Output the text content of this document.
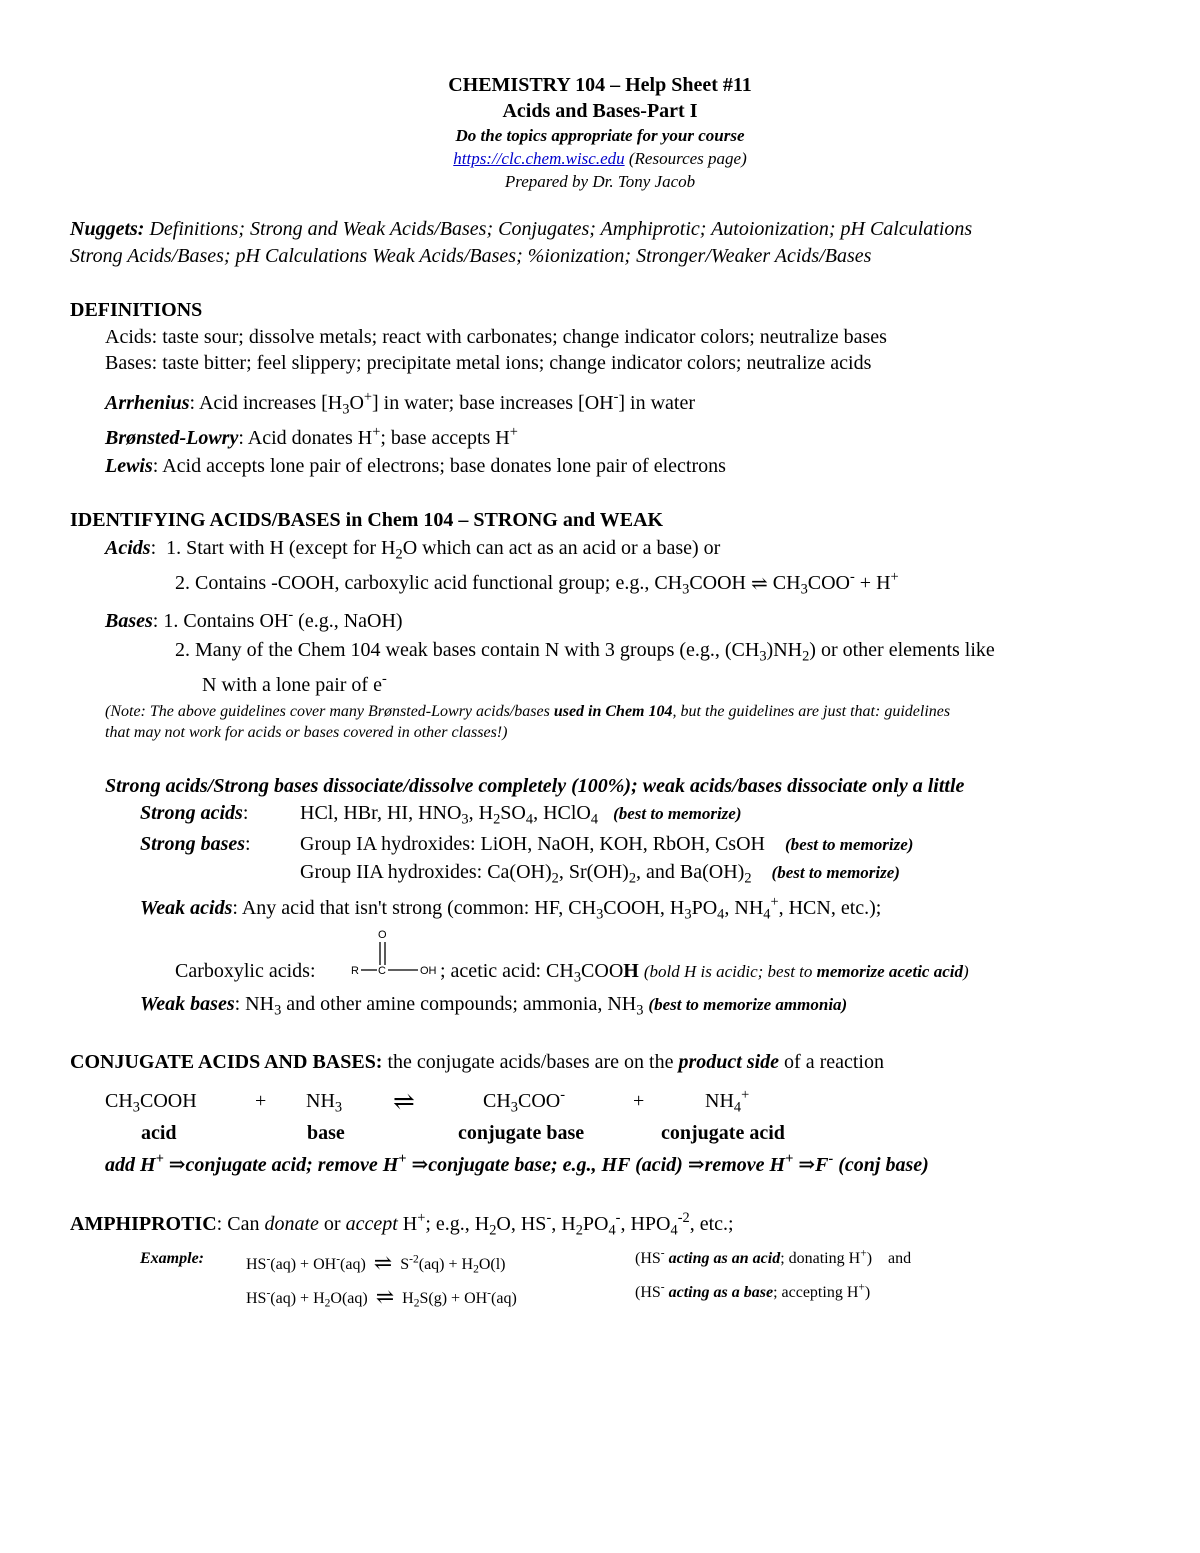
CHEMISTRY 104 – Help Sheet #11
Acids and Bases-Part I
Do the topics appropriate for your course
https://clc.chem.wisc.edu (Resources page)
Prepared by Dr. Tony Jacob
Nuggets: Definitions; Strong and Weak Acids/Bases; Conjugates; Amphiprotic; Autoionization; pH Calculations
Strong Acids/Bases; pH Calculations Weak Acids/Bases; %ionization; Stronger/Weaker Acids/Bases
DEFINITIONS
Acids: taste sour; dissolve metals; react with carbonates; change indicator colors; neutralize bases
Bases: taste bitter; feel slippery; precipitate metal ions; change indicator colors; neutralize acids
Arrhenius: Acid increases $[H_3O^+]$ in water; base increases [OH-] in water
Brønsted-Lowry: Acid donates H+; base accepts H+
Lewis: Acid accepts lone pair of electrons; base donates lone pair of electrons
IDENTIFYING ACIDS/BASES in Chem 104 – STRONG and WEAK
Acids:  1. Start with H (except for $H_2O$ which can act as an acid or a base) or
2. Contains -COOH, carboxylic acid functional group; e.g., $CH_3COOH$ ⇌ $CH_3COO^- + H^+$
Bases: 1. Contains OH- (e.g., NaOH)
2. Many of the Chem 104 weak bases contain N with 3 groups (e.g., $(CH_3)NH_2$) or other elements like
N with a lone pair of e-
(Note: The above guidelines cover many Brønsted-Lowry acids/bases used in Chem 104, but the guidelines are just that: guidelines
that may not work for acids or bases covered in other classes!)
Strong acids/Strong bases dissociate/dissolve completely (100%); weak acids/bases dissociate only a little
Strong acids:	HCl, HBr, HI, $HNO_3$, $H_2SO_4$, HClO$_4$ (best to memorize)
Strong bases: Group IA hydroxides: LiOH, NaOH, KOH, RbOH, CsOH    (best to memorize)
Group IIA hydroxides: $Ca(OH)_2$, $Sr(OH)_2$, and $Ba(OH)_2$ (best to memorize)
Weak acids: Any acid that isn't strong (common: HF, $CH_3COOH$, $H_3PO_4$, $NH_4^+$, HCN, etc.);
Carboxylic acids:
O
R C	OH ; acetic acid: $CH_3COOH$ (bold H is acidic; best to memorize acetic acid)
Weak bases: $NH_3$ and other amine compounds; ammonia, $NH_3$ (best to memorize ammonia)
CONJUGATE ACIDS AND BASES: the conjugate acids/bases are on the product side of a reaction
$CH_3COOH$	+ $NH_3$ ⇌	$CH_3COO^-$	+	$NH_4^+$
acid	base	conjugate base	conjugate acid
add H+ ⇒conjugate acid; remove H+ ⇒conjugate base; e.g., HF (acid) ⇒remove H+ ⇒F- (conj base)
AMPHIPROTIC: Can donate or accept H+; e.g., $H_2O$, HS-, $H_2PO_4^-$, $HPO_4^{-2}$, etc.;
Example:	HS-(aq) + OH-(aq)  ⇌  $S^{-2}(aq) + H_2O(l)$	(HS- acting as an acid; donating H+)    and
$HS^-(aq) + H_2O(aq)$  ⇌  $H_2S(g) + OH^-(aq)$	(HS- acting as a base; accepting H+)
